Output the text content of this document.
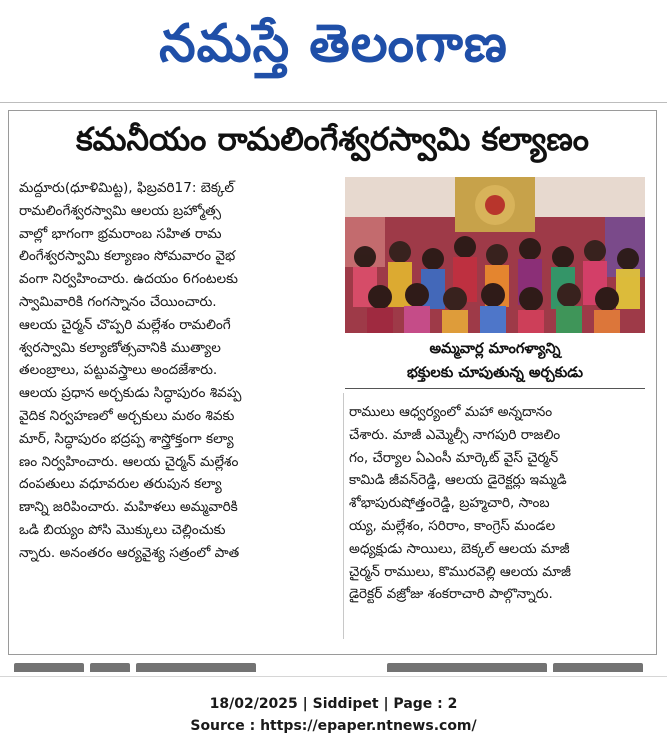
నమస్తే తెలంగాణ
కమనీయం రామలింగేశ్వరస్వామి కల్యాణం
మద్దూరు(ధూళిమిట్ట), ఫిబ్రవరి17: బెక్కల్
రామలింగేశ్వరస్వామి ఆలయ బ్రహ్మోత్స
వాల్లో భాగంగా భ్రమరాంబ సహిత రామ
లింగేశ్వరస్వామి కల్యాణం సోమవారం వైభ
వంగా నిర్వహించారు. ఉదయం 6గంటలకు
స్వామివారికి గంగస్నానం చేయించారు.
ఆలయ చైర్మన్ చొప్పరి మల్లేశం రామలింగే
శ్వరస్వామి కల్యాణోత్సవానికి ముత్యాల
తలంబ్రాలు, పట్టువస్త్రాలు అందజేశారు.
ఆలయ ప్రధాన అర్చకుడు సిద్ధాపురం శివప్ప
వైదిక నిర్వహణలో అర్చకులు మఠం శివకు
మార్, సిద్ధాపురం భద్రప్ప శాస్త్రోక్తంగా కల్యా
ణం నిర్వహించారు. ఆలయ చైర్మన్ మల్లేశం
దంపతులు వధూవరుల తరుపున కల్యా
ణాన్ని జరిపించారు. మహిళలు అమ్మవారికి
ఒడి బియ్యం పోసి మొక్కులు చెల్లించుకు
న్నారు. అనంతరం ఆర్యవైశ్య సత్రంలో పాత
అమ్మవార్ల మాంగళ్యాన్ని
భక్తులకు చూపుతున్న అర్చకుడు
రాములు ఆధ్వర్యంలో మహా అన్నదానం
చేశారు. మాజీ ఎమ్మెల్సీ నాగపురి రాజలిం
గం, చేర్యాల ఏఎంసీ మార్కెట్ వైస్ చైర్మన్
కామిడి జీవన్‌రెడ్డి, ఆలయ డైరెక్టర్లు ఇమ్మడి
శోభాపురుషోత్తంరెడ్డి, బ్రహ్మచారి, సాంబ
య్య, మల్లేశం, సరిరాం, కాంగ్రెస్ మండల
అధ్యక్షుడు సాయిలు, బెక్కల్ ఆలయ మాజీ
చైర్మన్ రాములు, కొమురవెల్లి ఆలయ మాజీ
డైరెక్టర్ వజ్రోజు శంకరాచారి పాల్గొన్నారు.

18/02/2025 | Siddipet | Page : 2
Source : https://epaper.ntnews.com/
